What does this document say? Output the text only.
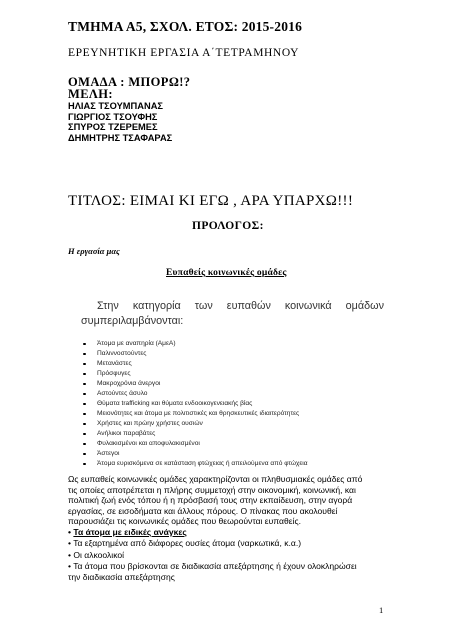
ΤΜΗΜΑ Α5, ΣΧΟΛ. ΕΤΟΣ: 2015-2016
ΕΡΕΥΝΗΤΙΚΗ ΕΡΓΑΣΙΑ Α΄ΤΕΤΡΑΜΗΝΟΥ
ΟΜΑΔΑ : ΜΠΟΡΩ!?
ΜΕΛΗ:
ΗΛΙΑΣ ΤΣΟΥΜΠΑΝΑΣ
ΓΙΩΡΓΙΟΣ ΤΣΟΥΦΗΣ
ΣΠΥΡΟΣ ΤΖΕΡΕΜΕΣ
ΔΗΜΗΤΡΗΣ ΤΣΑΦΑΡΑΣ
ΤΙΤΛΟΣ: ΕΙΜΑΙ ΚΙ ΕΓΩ , ΑΡΑ ΥΠΑΡΧΩ!!!
ΠΡΟΛΟΓΟΣ:
Η εργασία μας
Ευπαθείς κοινωνικές ομάδες
Στην κατηγορία των ευπαθών κοινωνικά ομάδων
συμπεριλαμβάνονται:
Άτομα με αναπηρία (ΑμεΑ)
Παλιννοστούντες
Μετανάστες
Πρόσφυγες
Μακροχρόνια άνεργοι
Αστούντες άσυλο
Θύματα trafficking και θύματα ενδοοικογενειακής βίας
Μειονότητες και άτομα με πολιτιστικές και θρησκευτικές ιδιαιτερότητες
Χρήστες και πρώην χρήστες ουσιών
Ανήλικοι παραβάτες
Φυλακισμένοι και αποφυλακισμένοι
Άστεγοι
Άτομα ευρισκόμενα σε κατάσταση φτώχειας ή απειλούμενα από φτώχεια
Ως ευπαθείς κοινωνικές ομάδες χαρακτηρίζονται οι πληθυσμιακές ομάδες από
τις οποίες αποτρέπεται η πλήρης συμμετοχή στην οικονομική, κοινωνική, και
πολιτική ζωή ενός τόπου ή η πρόσβασή τους στην εκπαίδευση, στην αγορά
εργασίας, σε εισοδήματα και άλλους πόρους. Ο πίνακας που ακολουθεί
παρουσιάζει τις κοινωνικές ομάδες που θεωρούνται ευπαθείς.
• Τα άτομα με ειδικές ανάγκες
• Τα εξαρτημένα από διάφορες ουσίες άτομα (ναρκωτικά, κ.α.)
• Οι αλκοολικοί
• Τα άτομα που βρίσκονται σε διαδικασία απεξάρτησης ή έχουν ολοκληρώσει
την διαδικασία απεξάρτησης
1
